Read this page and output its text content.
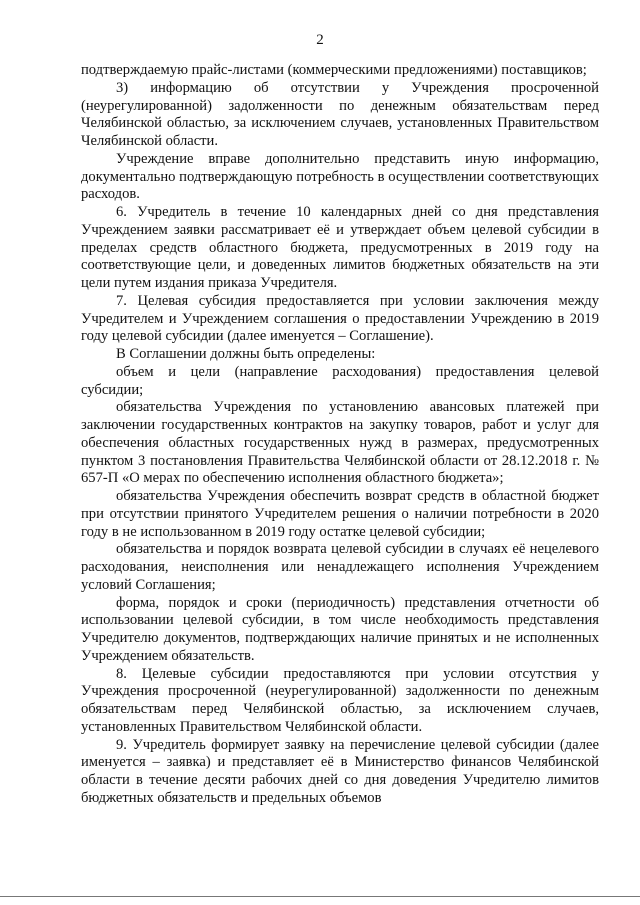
2

подтверждаемую прайс-листами (коммерческими предложениями) поставщиков;

3) информацию об отсутствии у Учреждения просроченной (неурегулированной) задолженности по денежным обязательствам перед Челябинской областью, за исключением случаев, установленных Правительством Челябинской области.

Учреждение вправе дополнительно представить иную информацию, документально подтверждающую потребность в осуществлении соответствующих расходов.

6. Учредитель в течение 10 календарных дней со дня представления Учреждением заявки рассматривает её и утверждает объем целевой субсидии в пределах средств областного бюджета, предусмотренных в 2019 году на соответствующие цели, и доведенных лимитов бюджетных обязательств на эти цели путем издания приказа Учредителя.

7. Целевая субсидия предоставляется при условии заключения между Учредителем и Учреждением соглашения о предоставлении Учреждению в 2019 году целевой субсидии (далее именуется – Соглашение).

В Соглашении должны быть определены:

объем и цели (направление расходования) предоставления целевой субсидии;

обязательства Учреждения по установлению авансовых платежей при заключении государственных контрактов на закупку товаров, работ и услуг для обеспечения областных государственных нужд в размерах, предусмотренных пунктом 3 постановления Правительства Челябинской области от 28.12.2018 г. № 657-П «О мерах по обеспечению исполнения областного бюджета»;

обязательства Учреждения обеспечить возврат средств в областной бюджет при отсутствии принятого Учредителем решения о наличии потребности в 2020 году в не использованном в 2019 году остатке целевой субсидии;

обязательства и порядок возврата целевой субсидии в случаях её нецелевого расходования, неисполнения или ненадлежащего исполнения Учреждением условий Соглашения;

форма, порядок и сроки (периодичность) представления отчетности об использовании целевой субсидии, в том числе необходимость представления Учредителю документов, подтверждающих наличие принятых и не исполненных Учреждением обязательств.

8. Целевые субсидии предоставляются при условии отсутствия у Учреждения просроченной (неурегулированной) задолженности по денежным обязательствам перед Челябинской областью, за исключением случаев, установленных Правительством Челябинской области.

9. Учредитель формирует заявку на перечисление целевой субсидии (далее именуется – заявка) и представляет её в Министерство финансов Челябинской области в течение десяти рабочих дней со дня доведения Учредителю лимитов бюджетных обязательств и предельных объемов
